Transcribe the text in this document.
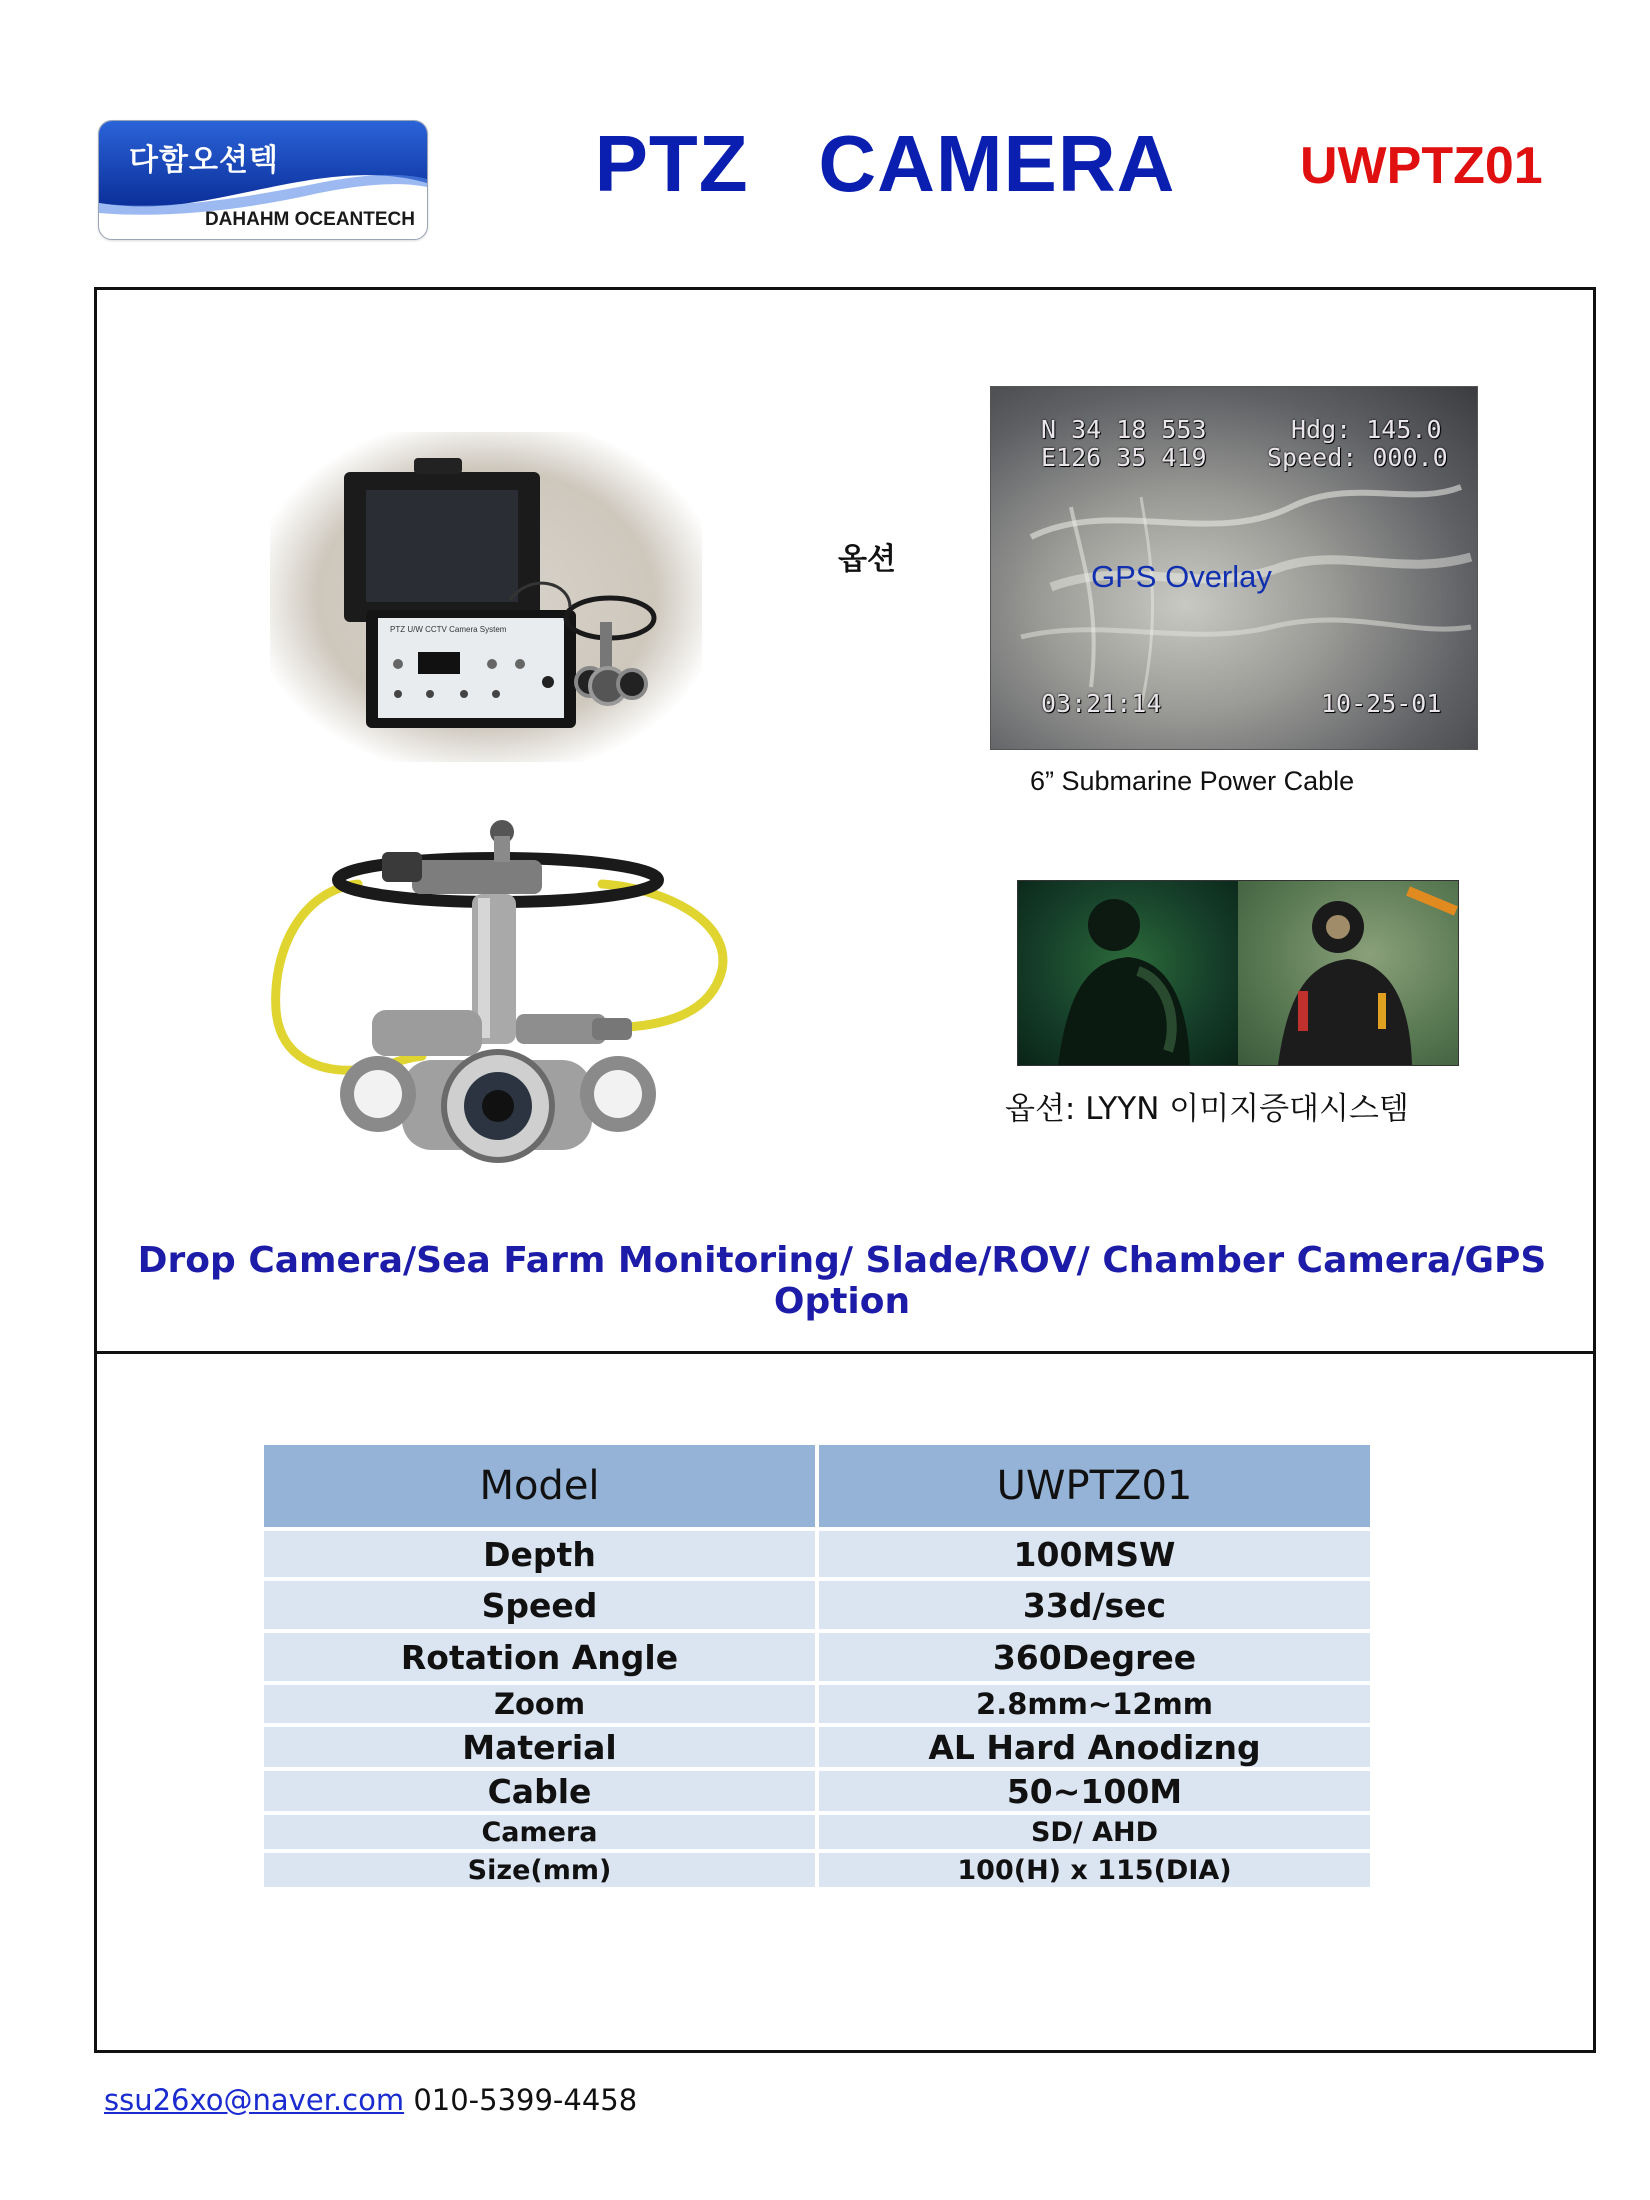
다함오션텍
DAHAHM OCEANTECH
PTZ   CAMERA	UWPTZ01
PTZ U/W CCTV Camera System
옵션
N 34 18 553
E126 35 419
Hdg: 145.0
Speed: 000.0
GPS Overlay
03:21:14	10-25-01
6” Submarine Power Cable
옵션: LYYN 이미지증대시스템
Drop Camera/Sea Farm Monitoring/ Slade/ROV/ Chamber Camera/GPS Option
Model	UWPTZ01
Depth	100MSW
Speed	33d/sec
Rotation Angle	360Degree
Zoom	2.8mm~12mm
Material	AL Hard Anodizng
Cable	50~100M
Camera	SD/ AHD
Size(mm)	100(H) x 115(DIA)
ssu26xo@naver.com 010-5399-4458
